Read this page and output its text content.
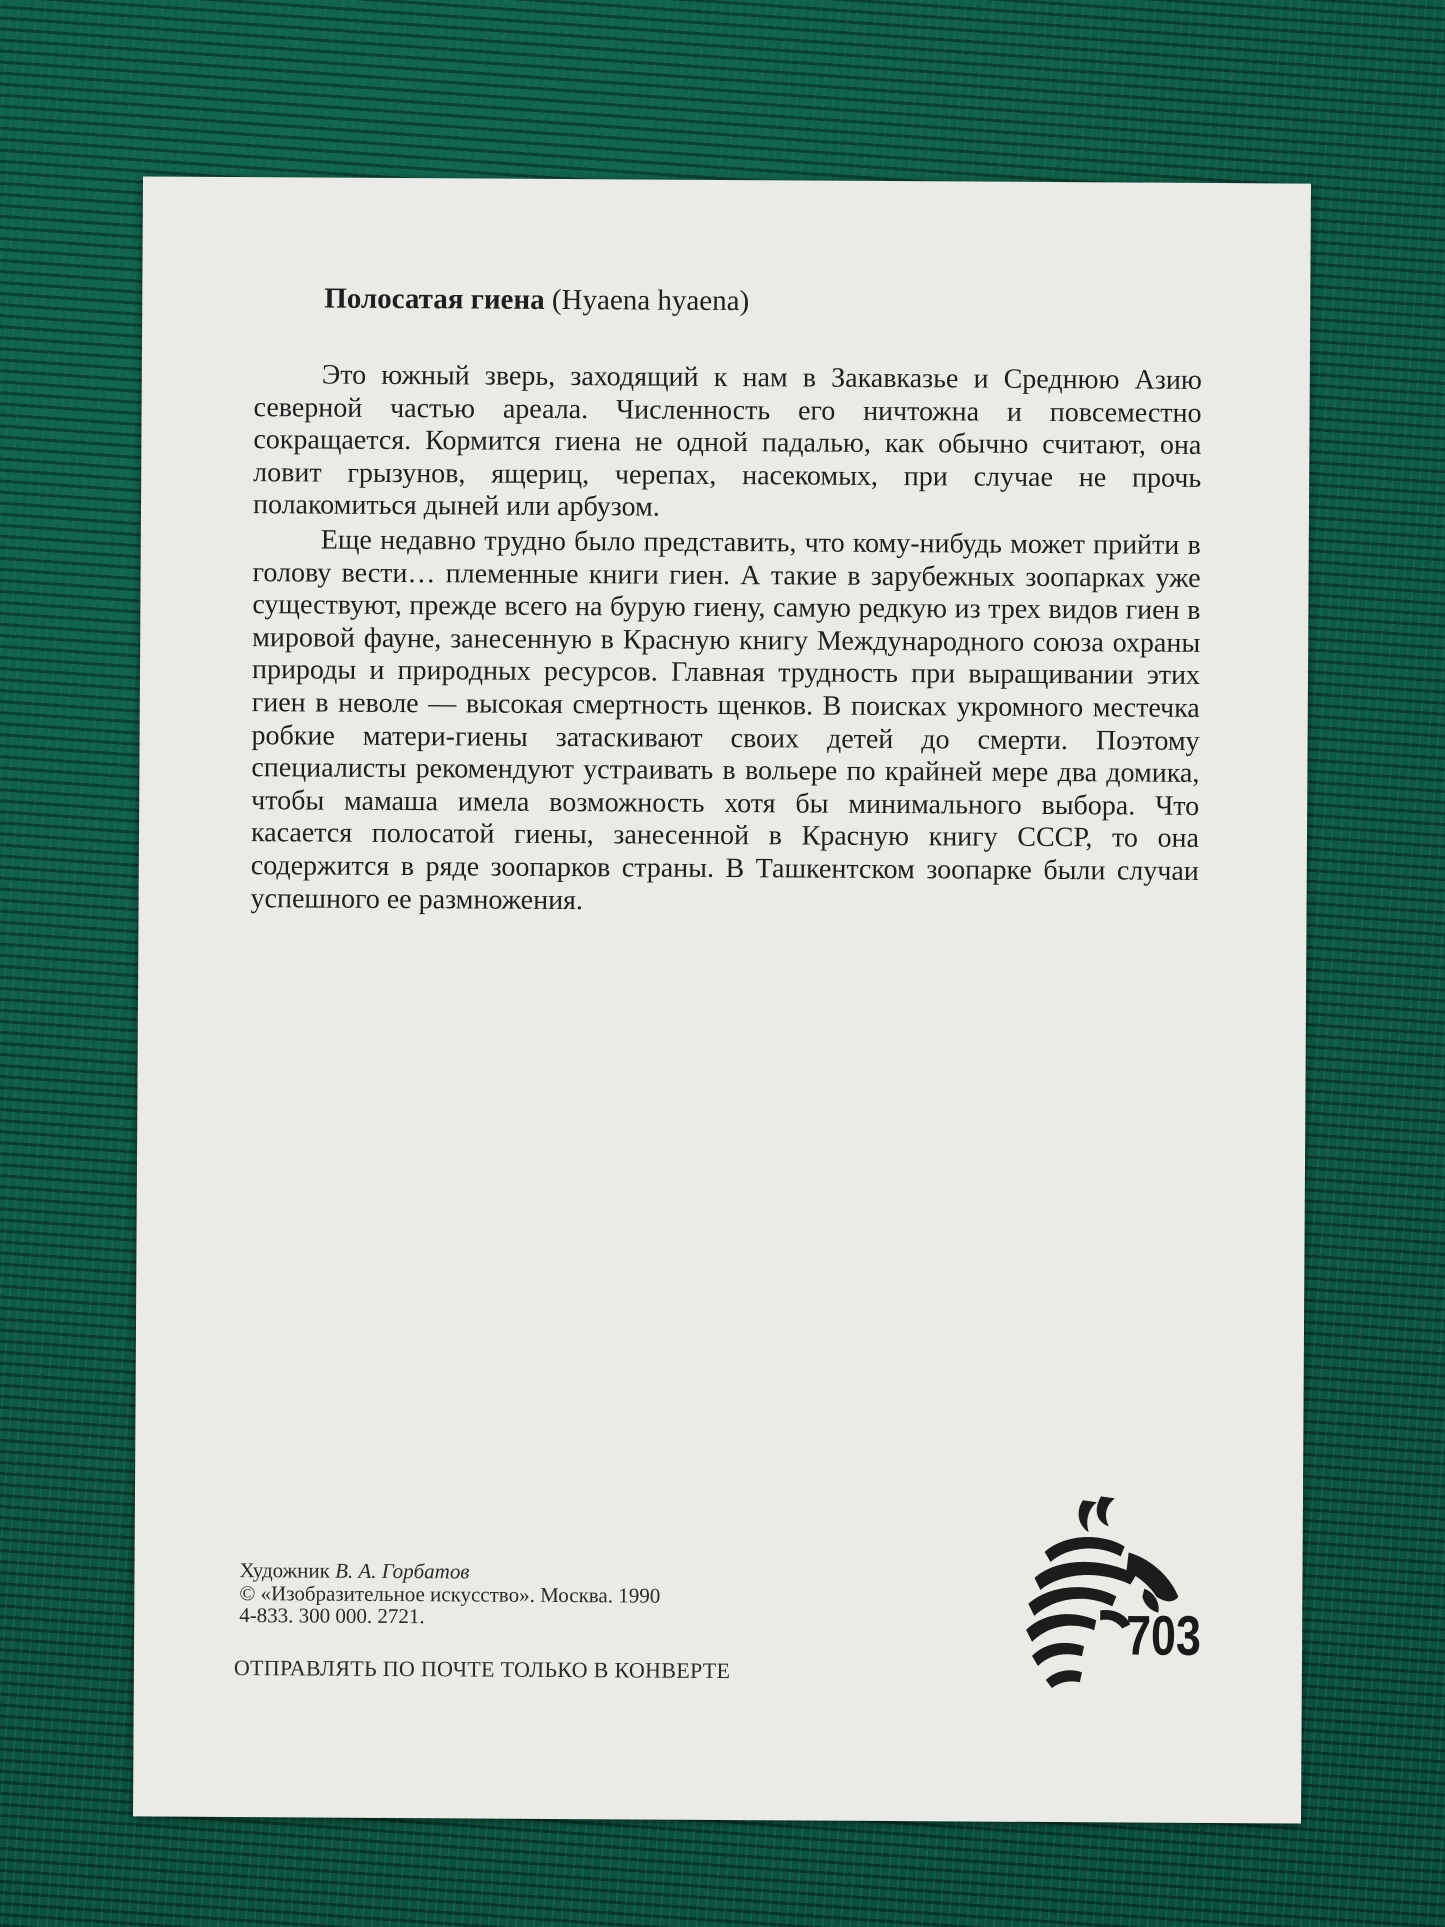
Полосатая гиена (Hyaena hyaena)

Это южный зверь, заходящий к нам в Закавказье и Среднюю Азию северной частью ареала. Численность его ничтожна и повсеместно сокращается. Кормится гиена не одной падалью, как обычно считают, она ловит грызунов, ящериц, черепах, насекомых, при случае не прочь полакомиться дыней или арбузом.

Еще недавно трудно было представить, что кому-нибудь может прийти в голову вести… племенные книги гиен. А такие в зарубежных зоопарках уже существуют, прежде всего на бурую гиену, самую редкую из трех видов гиен в мировой фауне, занесенную в Красную книгу Международного союза охраны природы и природных ресурсов. Главная трудность при выращивании этих гиен в неволе — высокая смертность щенков. В поисках укромного местечка робкие матери-гиены затаскивают своих детей до смерти. Поэтому специалисты рекомендуют устраивать в вольере по крайней мере два домика, чтобы мамаша имела возможность хотя бы минимального выбора. Что касается полосатой гиены, занесенной в Красную книгу СССР, то она содержится в ряде зоопарков страны. В Ташкентском зоопарке были случаи успешного ее размножения.

Художник В. А. Горбатов
© «Изобразительное искусство». Москва. 1990
4-833. 300 000. 2721.
ОТПРАВЛЯТЬ ПО ПОЧТЕ ТОЛЬКО В КОНВЕРТЕ
703
